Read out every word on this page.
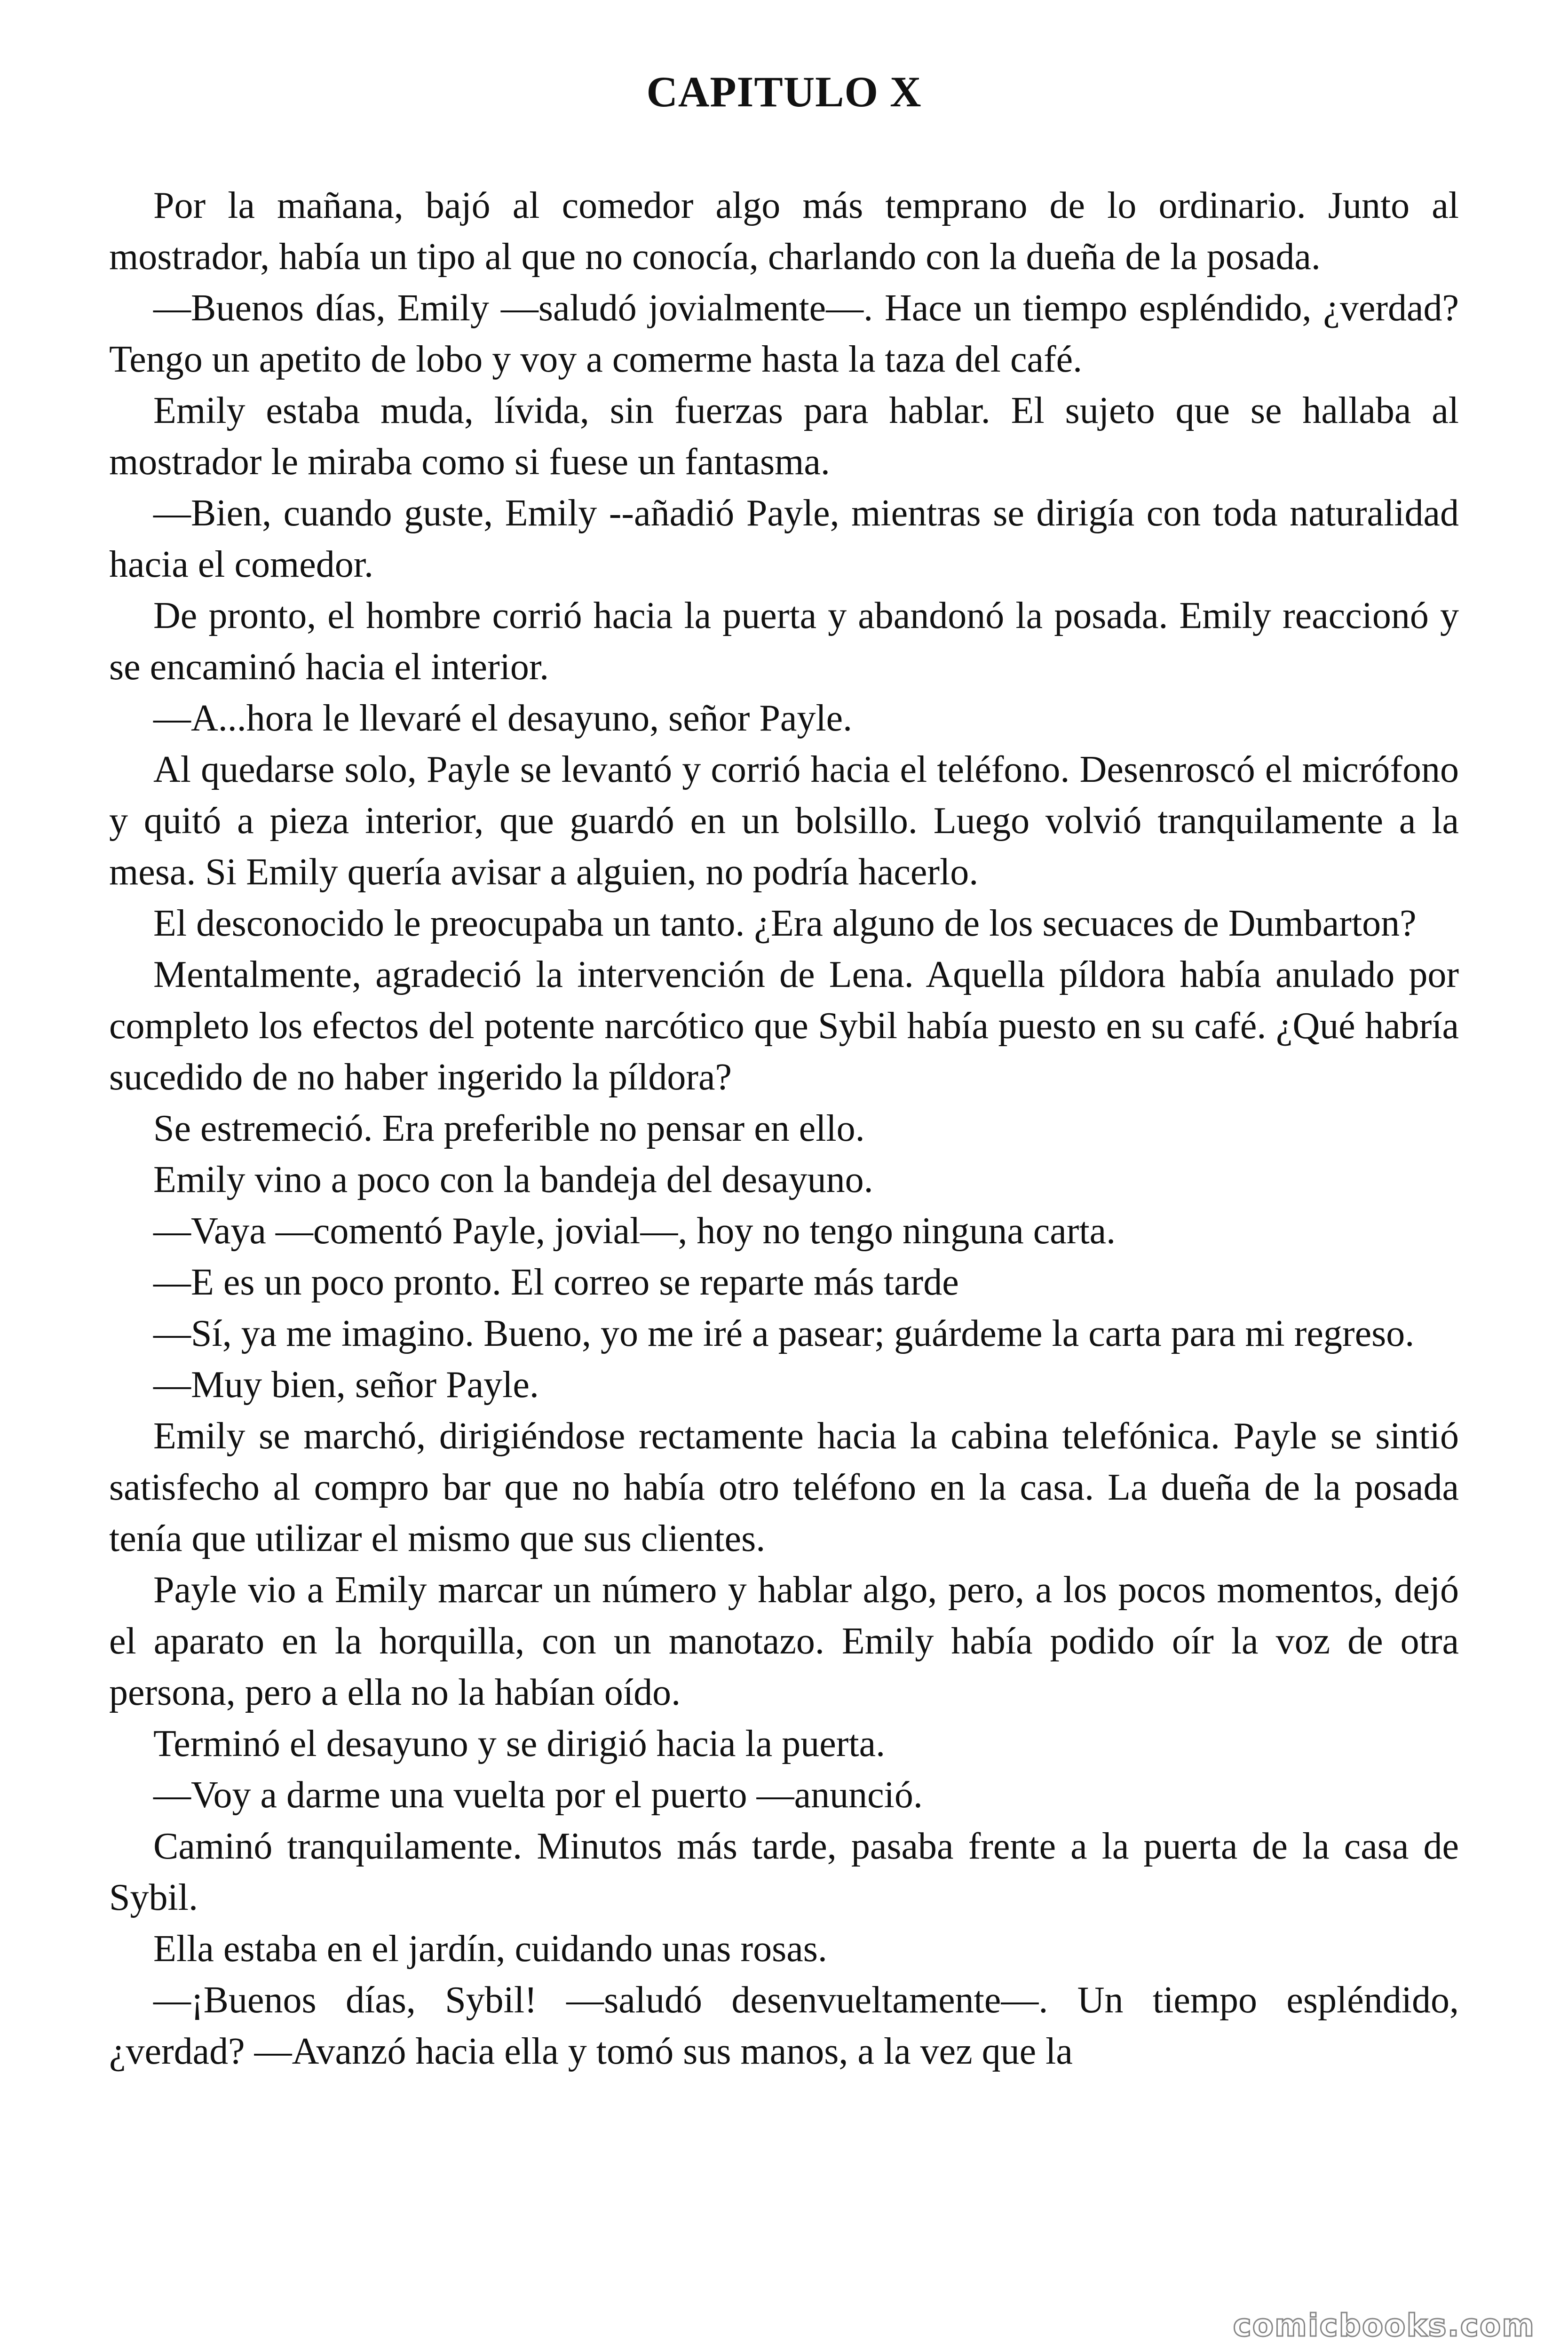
CAPITULO X

Por la mañana, bajó al comedor algo más temprano de lo ordinario. Junto al mostrador, había un tipo al que no conocía, charlando con la dueña de la posada.

—Buenos días, Emily —saludó jovialmente—. Hace un tiempo espléndido, ¿verdad? Tengo un apetito de lobo y voy a comerme hasta la taza del café.

Emily estaba muda, lívida, sin fuerzas para hablar. El sujeto que se hallaba al mostrador le miraba como si fuese un fantasma.

—Bien, cuando guste, Emily --añadió Payle, mientras se dirigía con toda naturalidad hacia el comedor.

De pronto, el hombre corrió hacia la puerta y abandonó la posada. Emily reaccionó y se encaminó hacia el interior.

—A...hora le llevaré el desayuno, señor Payle.

Al quedarse solo, Payle se levantó y corrió hacia el teléfono. Desenroscó el micrófono y quitó a pieza interior, que guardó en un bolsillo. Luego volvió tranquilamente a la mesa. Si Emily quería avisar a alguien, no podría hacerlo.

El desconocido le preocupaba un tanto. ¿Era alguno de los secuaces de Dumbarton?

Mentalmente, agradeció la intervención de Lena. Aquella píldora había anulado por completo los efectos del potente narcótico que Sybil había puesto en su café. ¿Qué habría sucedido de no haber ingerido la píldora?

Se estremeció. Era preferible no pensar en ello.

Emily vino a poco con la bandeja del desayuno.

—Vaya —comentó Payle, jovial—, hoy no tengo ninguna carta.

—E es un poco pronto. El correo se reparte más tarde

—Sí, ya me imagino. Bueno, yo me iré a pasear; guárdeme la carta para mi regreso.

—Muy bien, señor Payle.

Emily se marchó, dirigiéndose rectamente hacia la cabina telefónica. Payle se sintió satisfecho al compro bar que no había otro teléfono en la casa. La dueña de la posada tenía que utilizar el mismo que sus clientes.

Payle vio a Emily marcar un número y hablar algo, pero, a los pocos momentos, dejó el aparato en la horquilla, con un manotazo. Emily había podido oír la voz de otra persona, pero a ella no la habían oído.

Terminó el desayuno y se dirigió hacia la puerta.

—Voy a darme una vuelta por el puerto —anunció.

Caminó tranquilamente. Minutos más tarde, pasaba frente a la puerta de la casa de Sybil.

Ella estaba en el jardín, cuidando unas rosas.

—¡Buenos días, Sybil! —saludó desenvueltamente—. Un tiempo espléndido, ¿verdad? —Avanzó hacia ella y tomó sus manos, a la vez que la

comicbooks.com
